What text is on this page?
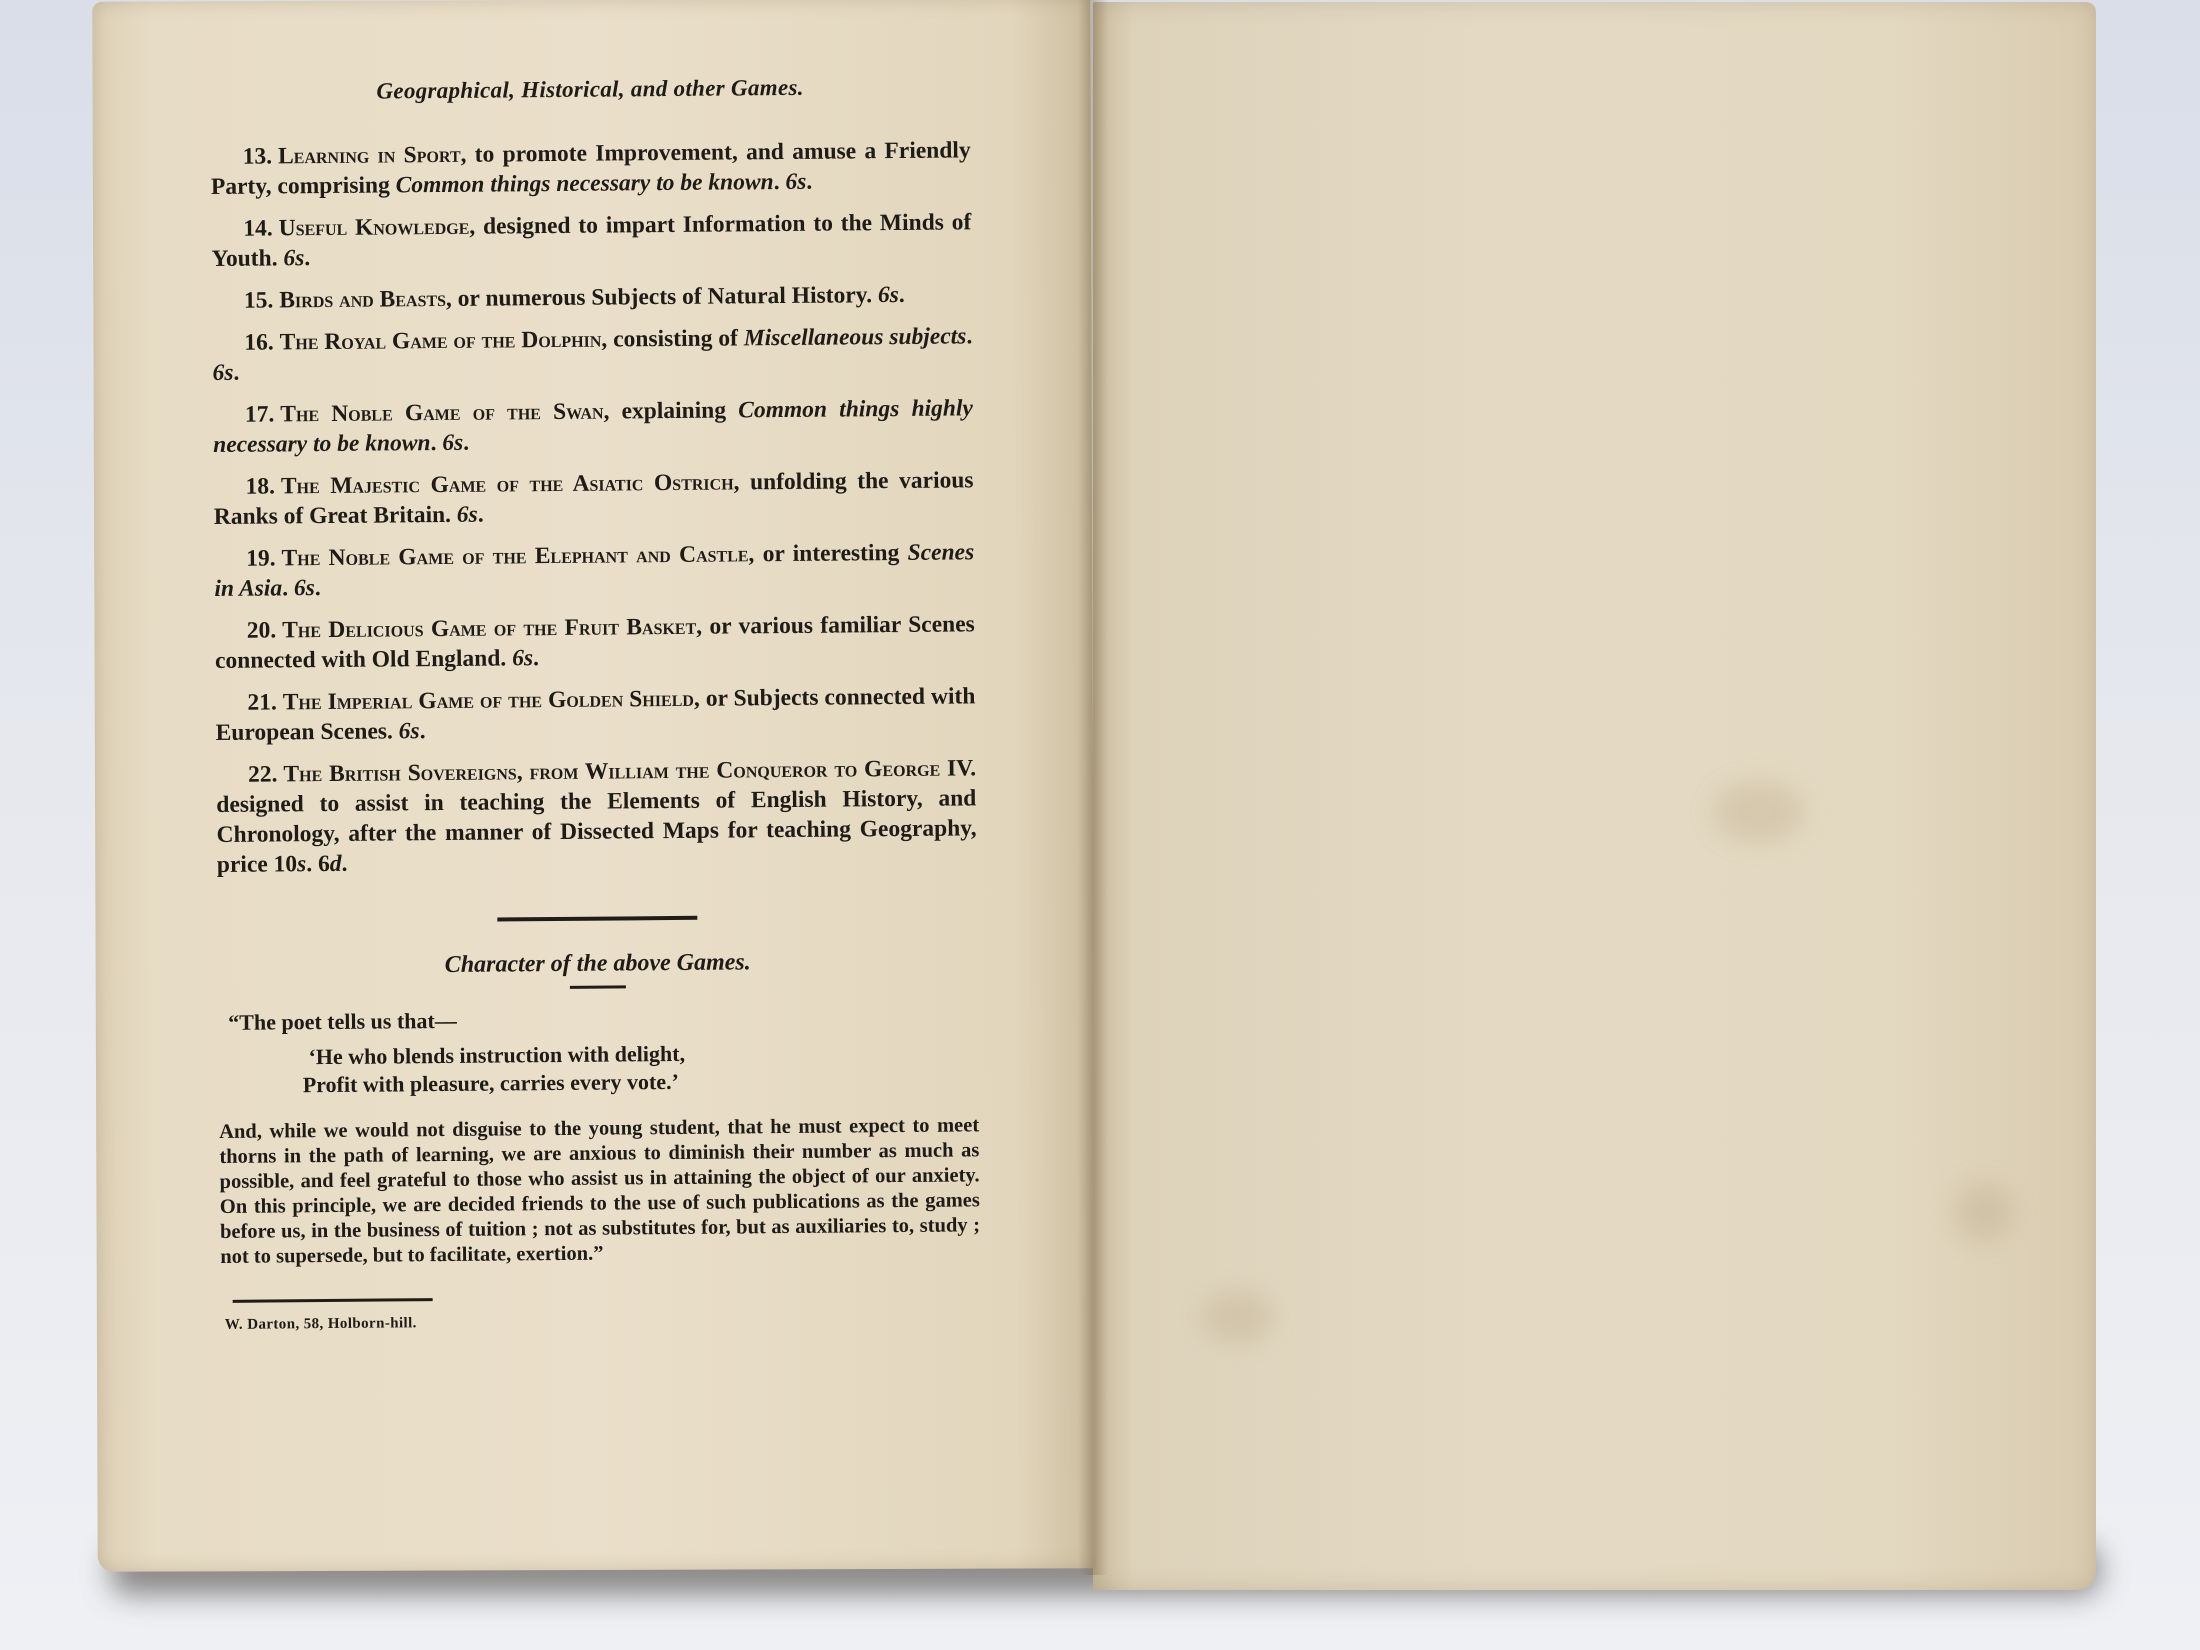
Geographical, Historical, and other Games.

13. Learning in Sport, to promote Improvement, and amuse a Friendly Party, comprising Common things necessary to be known. 6s.

14. Useful Knowledge, designed to impart Information to the Minds of Youth. 6s.

15. Birds and Beasts, or numerous Subjects of Natural History. 6s.

16. The Royal Game of the Dolphin, consisting of Miscellaneous subjects. 6s.

17. The Noble Game of the Swan, explaining Common things highly necessary to be known. 6s.

18. The Majestic Game of the Asiatic Ostrich, unfolding the various Ranks of Great Britain. 6s.

19. The Noble Game of the Elephant and Castle, or interesting Scenes in Asia. 6s.

20. The Delicious Game of the Fruit Basket, or various familiar Scenes connected with Old England. 6s.

21. The Imperial Game of the Golden Shield, or Subjects connected with European Scenes. 6s.

22. The British Sovereigns, from William the Conqueror to George IV. designed to assist in teaching the Elements of English History, and Chronology, after the manner of Dissected Maps for teaching Geography, price 10s. 6d.

Character of the above Games.

“The poet tells us that—

‘He who blends instruction with delight,
Profit with pleasure, carries every vote.’

And, while we would not disguise to the young student, that he must expect to meet thorns in the path of learning, we are anxious to diminish their number as much as possible, and feel grateful to those who assist us in attaining the object of our anxiety. On this principle, we are decided friends to the use of such publications as the games before us, in the business of tuition ; not as substitutes for, but as auxiliaries to, study ; not to supersede, but to facilitate, exertion.”

W. Darton, 58, Holborn-hill.
